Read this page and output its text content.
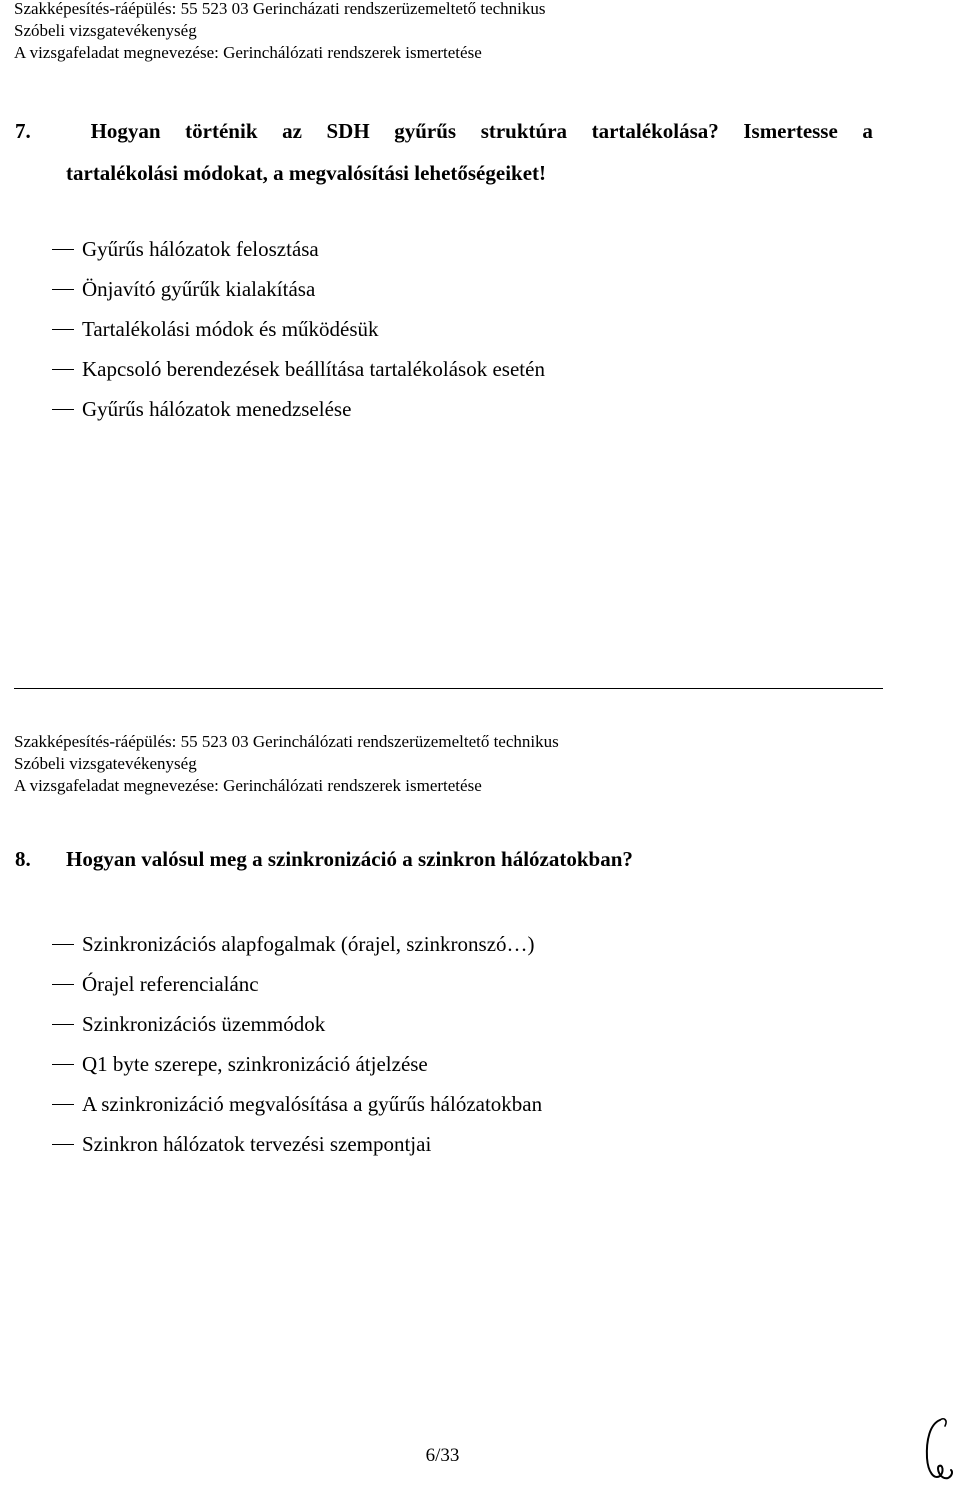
Szakképesítés-ráépülés: 55 523 03 Gerincházati rendszerüzemeltető technikus
Szóbeli vizsgatevékenység
A vizsgafeladat megnevezése: Gerinchálózati rendszerek ismertetése
7.	Hogyan történik az SDH gyűrűs struktúra tartalékolása? Ismertesse a
tartalékolási módokat, a megvalósítási lehetőségeiket!
Gyűrűs hálózatok felosztása
Önjavító gyűrűk kialakítása
Tartalékolási módok és működésük
Kapcsoló berendezések beállítása tartalékolások esetén
Gyűrűs hálózatok menedzselése
Szakképesítés-ráépülés: 55 523 03 Gerinchálózati rendszerüzemeltető technikus
Szóbeli vizsgatevékenység
A vizsgafeladat megnevezése: Gerinchálózati rendszerek ismertetése
8. Hogyan valósul meg a szinkronizáció a szinkron hálózatokban?
Szinkronizációs alapfogalmak (órajel, szinkronszó…)
Órajel referencialánc
Szinkronizációs üzemmódok
Q1 byte szerepe, szinkronizáció átjelzése
A szinkronizáció megvalósítása a gyűrűs hálózatokban
Szinkron hálózatok tervezési szempontjai
6/33
